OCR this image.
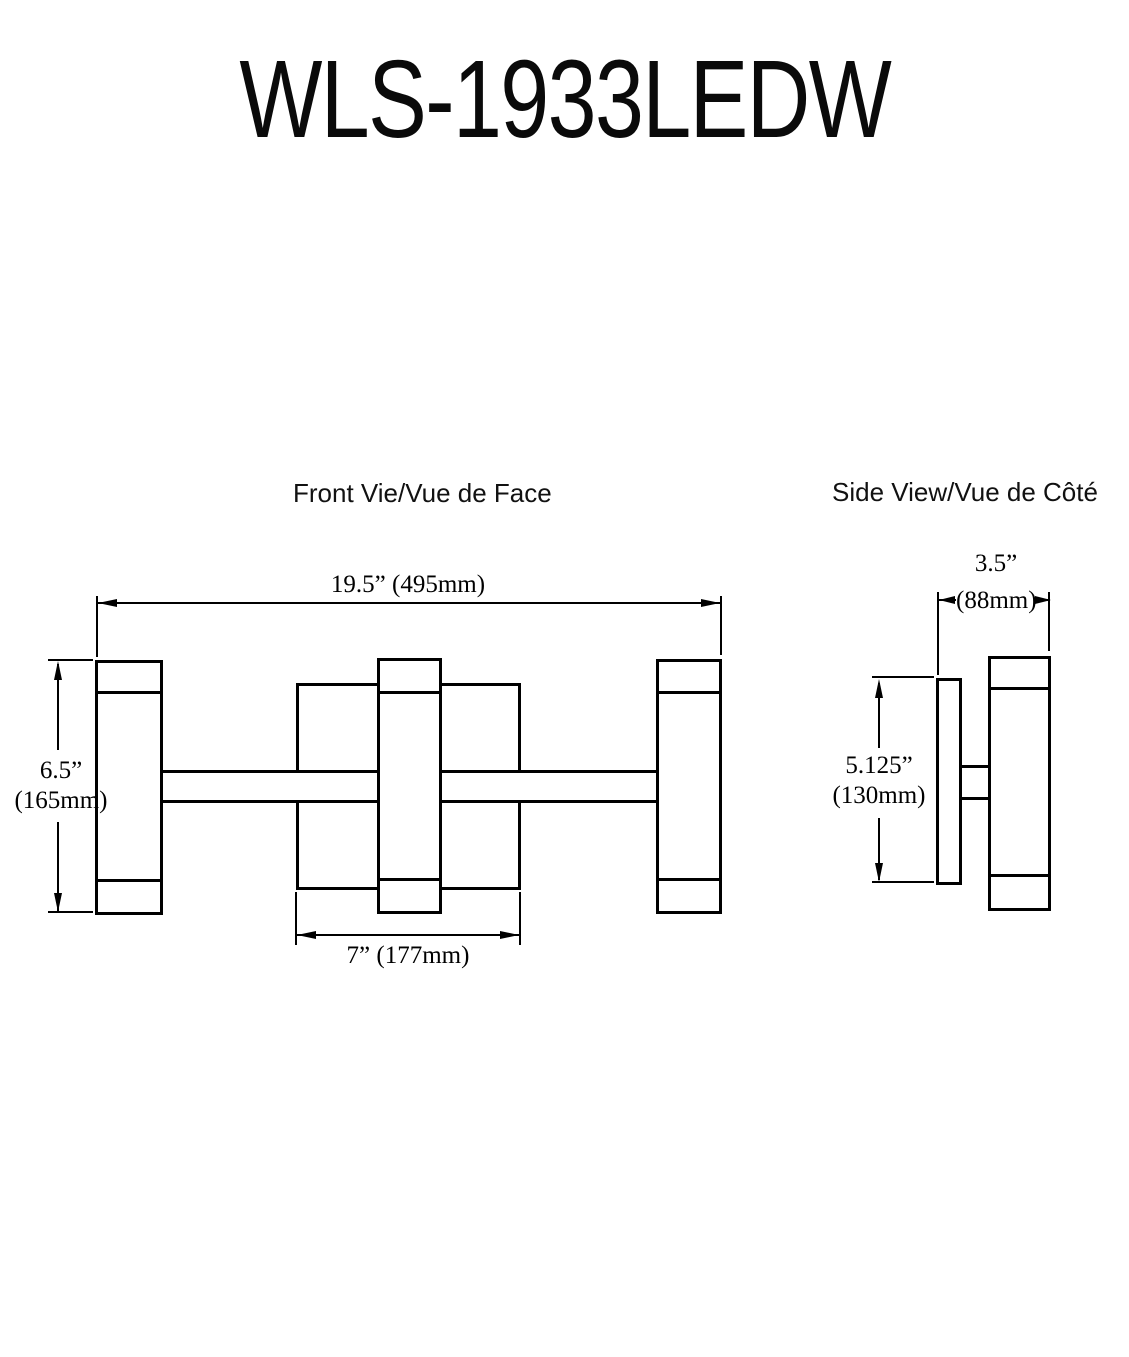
WLS-1933LEDW
Front Vie/Vue de Face
19.5” (495mm)
6.5”
(165mm)
7” (177mm)
Side View/Vue de Côté
3.5”
(88mm)
5.125”
(130mm)
